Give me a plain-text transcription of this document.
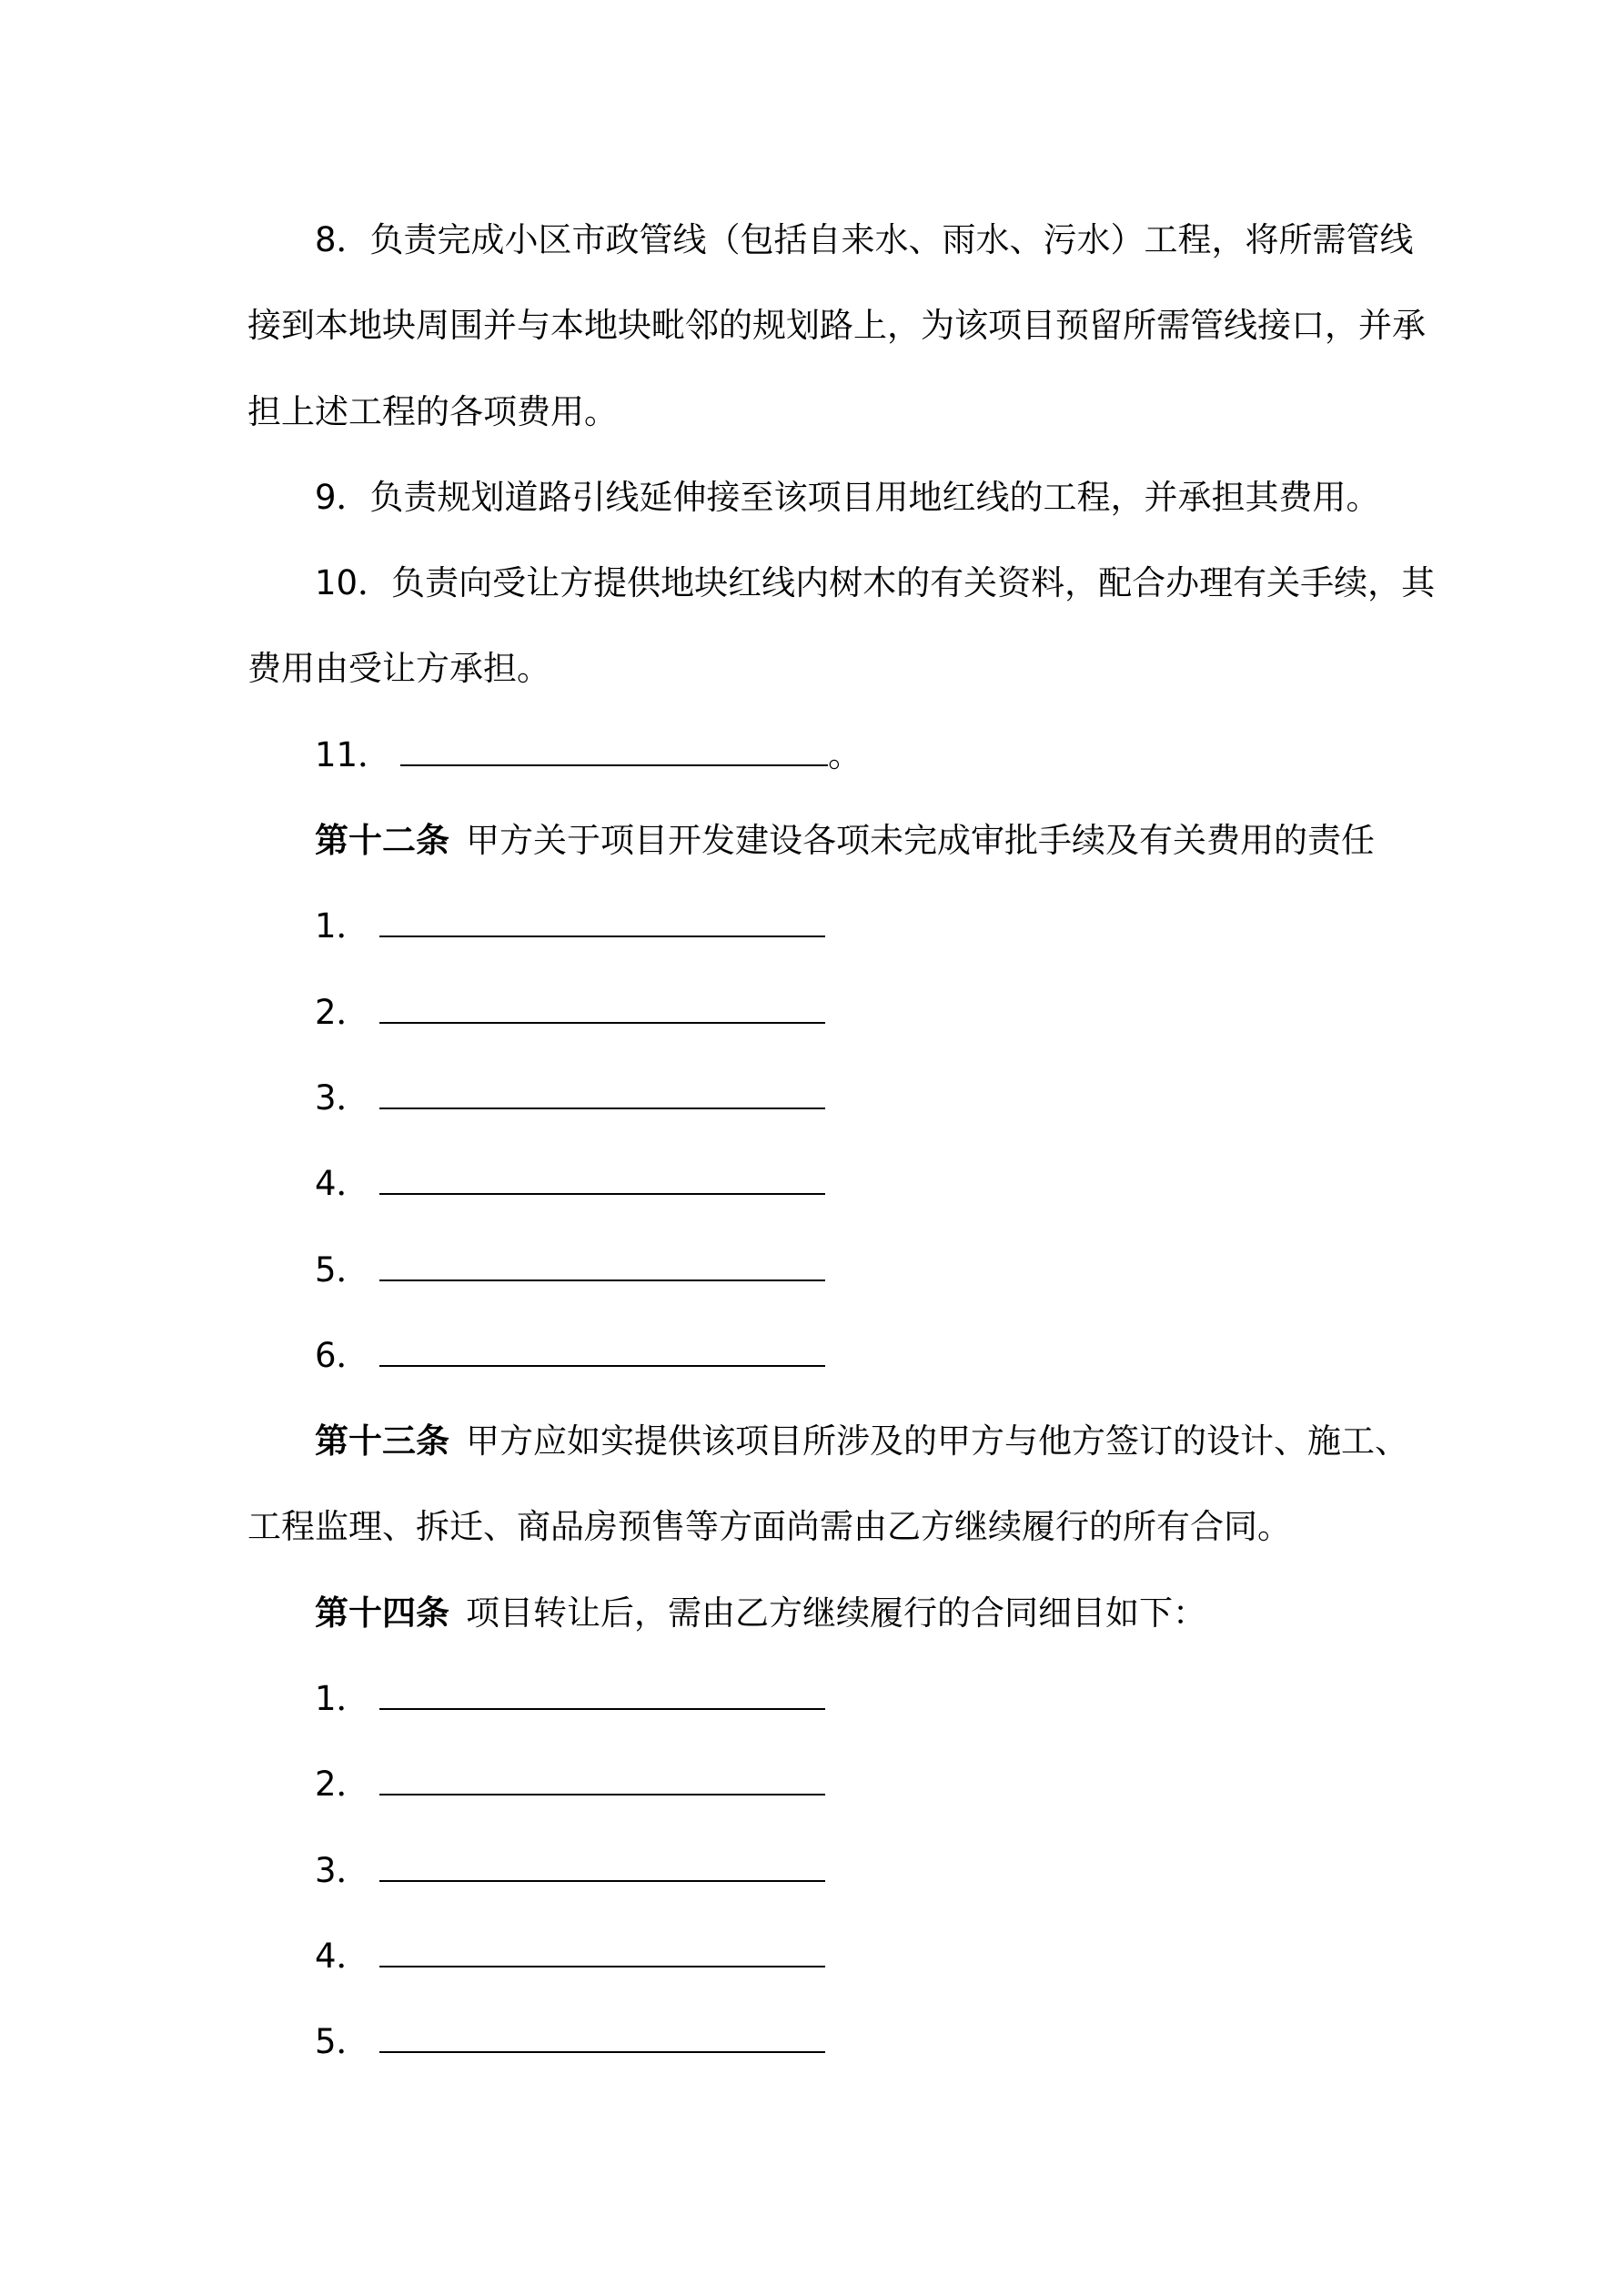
8．负责完成小区市政管线（包括自来水、雨水、污水）工程，将所需管线
接到本地块周围并与本地块毗邻的规划路上，为该项目预留所需管线接口，并承
担上述工程的各项费用。
9．负责规划道路引线延伸接至该项目用地红线的工程，并承担其费用。
10．负责向受让方提供地块红线内树木的有关资料，配合办理有关手续，其
费用由受让方承担。
11．	。
第十二条 甲方关于项目开发建设各项未完成审批手续及有关费用的责任
1．
2．
3．
4．
5．
6．
第十三条 甲方应如实提供该项目所涉及的甲方与他方签订的设计、施工、
工程监理、拆迁、商品房预售等方面尚需由乙方继续履行的所有合同。
第十四条 项目转让后，需由乙方继续履行的合同细目如下：
1．
2．
3．
4．
5．
